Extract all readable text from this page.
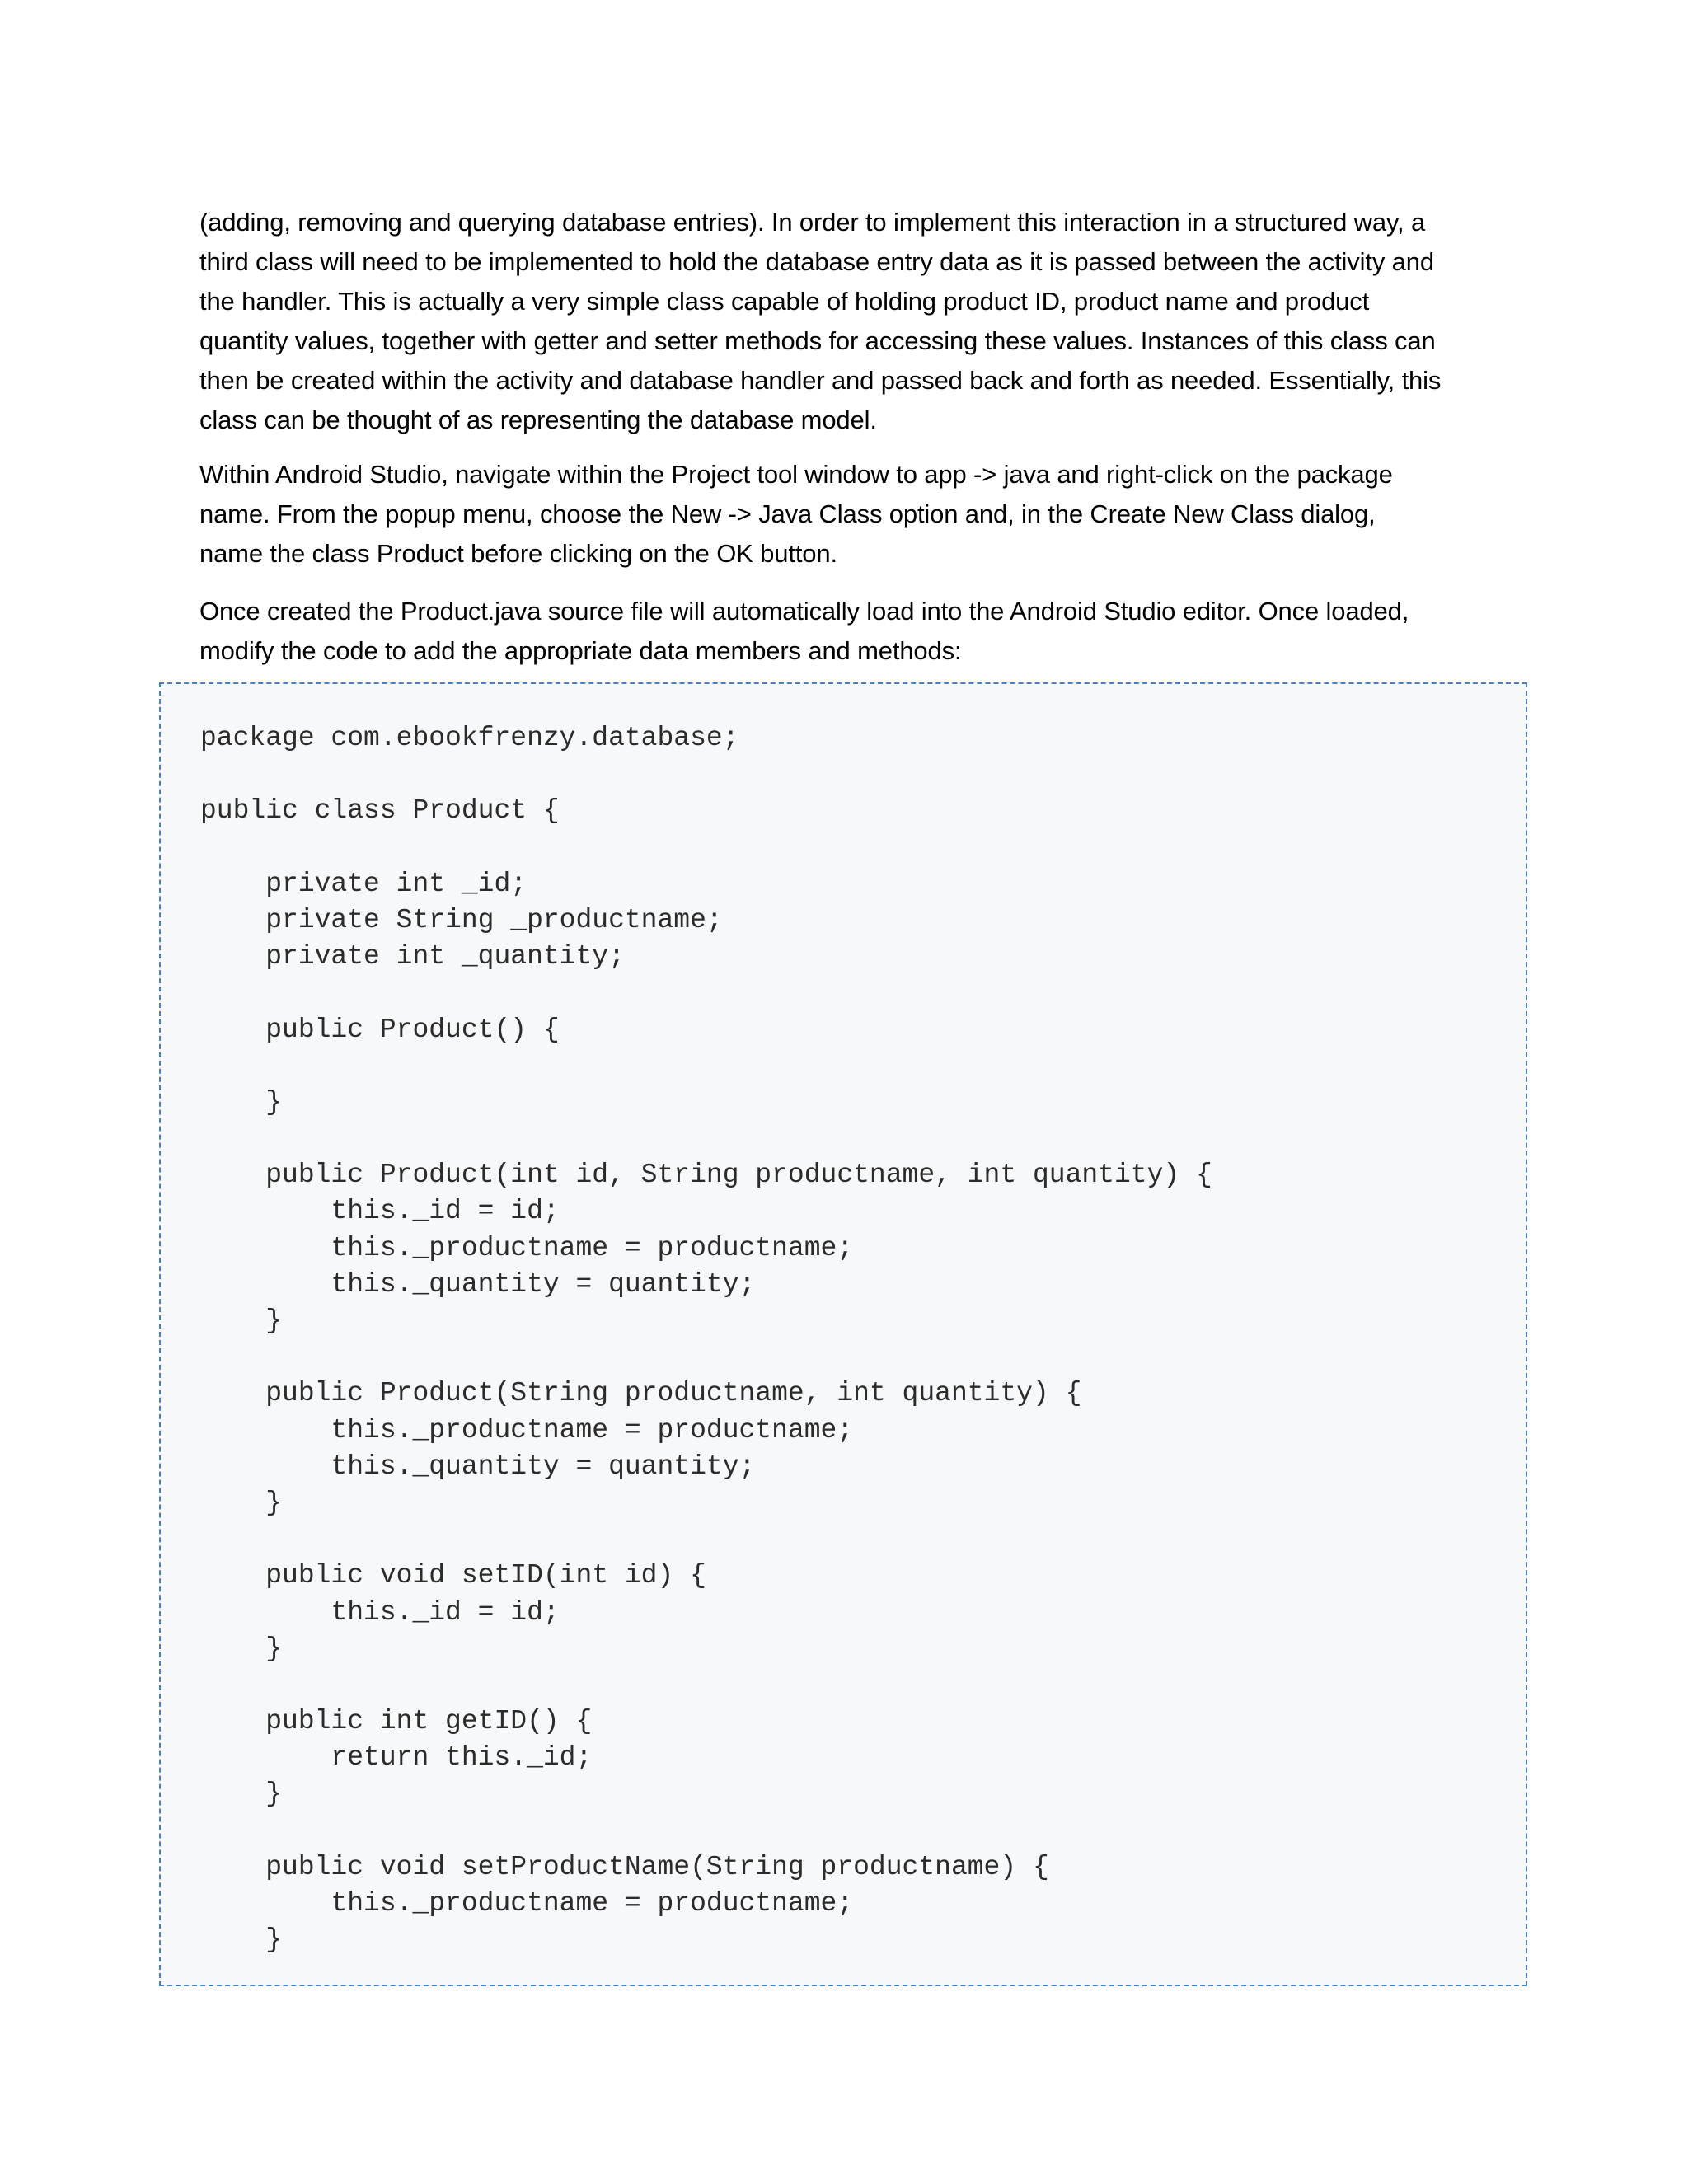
(adding, removing and querying database entries). In order to implement this interaction in a structured way, a
third class will need to be implemented to hold the database entry data as it is passed between the activity and
the handler. This is actually a very simple class capable of holding product ID, product name and product
quantity values, together with getter and setter methods for accessing these values. Instances of this class can
then be created within the activity and database handler and passed back and forth as needed. Essentially, this
class can be thought of as representing the database model.

Within Android Studio, navigate within the Project tool window to app -> java and right-click on the package
name. From the popup menu, choose the New -> Java Class option and, in the Create New Class dialog,
name the class Product before clicking on the OK button.

Once created the Product.java source file will automatically load into the Android Studio editor. Once loaded,
modify the code to add the appropriate data members and methods:

package com.ebookfrenzy.database;
public class Product {
private int _id;
private String _productname;
private int _quantity;
public Product() {
}
public Product(int id, String productname, int quantity) {
this._id = id;
this._productname = productname;
this._quantity = quantity;
}
public Product(String productname, int quantity) {
this._productname = productname;
this._quantity = quantity;
}
public void setID(int id) {
this._id = id;
}
public int getID() {
return this._id;
}
public void setProductName(String productname) {
this._productname = productname;
}
